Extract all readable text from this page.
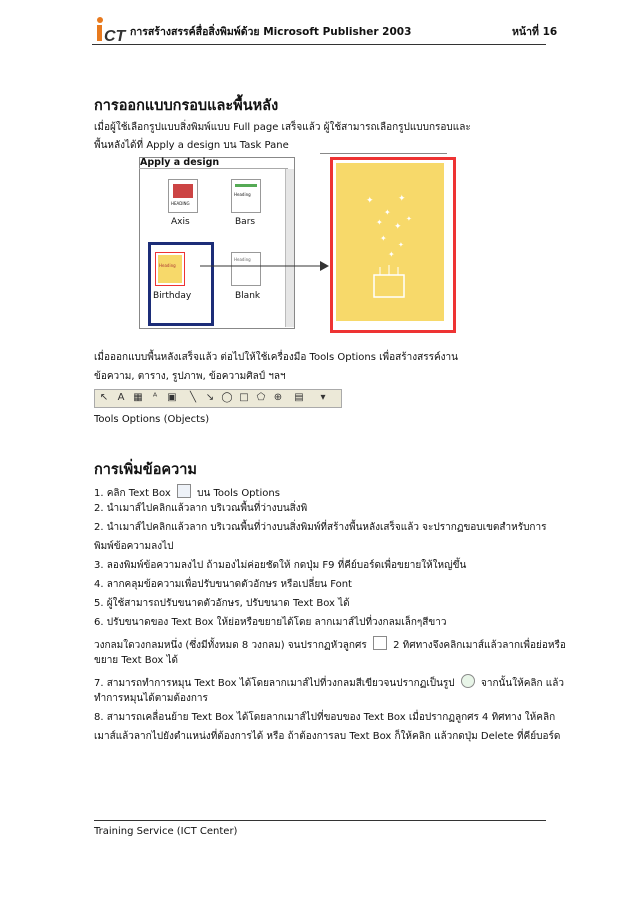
CT การสร้างสรรค์สื่อสิ่งพิมพ์ด้วย Microsoft Publisher 2003	หน้าที่ 16
การออกแบบกรอบและพื้นหลัง
เมื่อผู้ใช้เลือกรูปแบบสิ่งพิมพ์แบบ Full page เสร็จแล้ว ผู้ใช้สามารถเลือกรูปแบบกรอบและ
พื้นหลังได้ที่ Apply a design บน Task Pane
Apply a design
HEADING
Axis
Heading
Bars
Heading
Birthday
Heading
Blank
✦
✦
✦
✦ ✦
✦
✦
✦
✦
เมื่อออกแบบพื้นหลังเสร็จแล้ว ต่อไปให้ใช้เครื่องมือ Tools Options เพื่อสร้างสรรค์งาน
ข้อความ, ตาราง, รูปภาพ, ข้อความศิลป์ ฯลฯ
↖ A ▦	ᴬ	▣ ╲ ↘ ◯ □ ⬠ ⊕ ▤	▾
Tools Options (Objects)
การเพิ่มข้อความ
1. คลิก Text Box	บน Tools Options
2. นำเมาส์ไปคลิกแล้วลาก บริเวณพื้นที่ว่างบนสิ่งพิ
2. นำเมาส์ไปคลิกแล้วลาก บริเวณพื้นที่ว่างบนสิ่งพิมพ์ที่สร้างพื้นหลังเสร็จแล้ว จะปรากฏขอบเขตสำหรับการ
พิมพ์ข้อความลงไป
3. ลองพิมพ์ข้อความลงไป ถ้ามองไม่ค่อยชัดให้ กดปุ่ม F9 ที่คีย์บอร์ดเพื่อขยายให้ใหญ่ขึ้น
4. ลากคลุมข้อความเพื่อปรับขนาดตัวอักษร หรือเปลี่ยน Font
5. ผู้ใช้สามารถปรับขนาดตัวอักษร, ปรับขนาด Text Box ได้
6. ปรับขนาดของ Text Box ให้ย่อหรือขยายได้โดย ลากเมาส์ไปที่วงกลมเล็กๆสีขาว
วงกลมใดวงกลมหนึ่ง (ซึ่งมีทั้งหมด 8 วงกลม) จนปรากฏหัวลูกศร	2 ทิศทางจึงคลิกเมาส์แล้วลากเพื่อย่อหรือ
ขยาย Text Box ได้
7. สามารถทำการหมุน Text Box ได้โดยลากเมาส์ไปที่วงกลมสีเขียวจนปรากฏเป็นรูป	จากนั้นให้คลิก แล้ว
ทำการหมุนได้ตามต้องการ
8. สามารถเคลื่อนย้าย Text Box ได้โดยลากเมาส์ไปที่ขอบของ Text Box เมื่อปรากฏลูกศร 4 ทิศทาง ให้คลิก
เมาส์แล้วลากไปยังตำแหน่งที่ต้องการได้ หรือ ถ้าต้องการลบ Text Box ก็ให้คลิก แล้วกดปุ่ม Delete ที่คีย์บอร์ด
Training Service (ICT Center)
